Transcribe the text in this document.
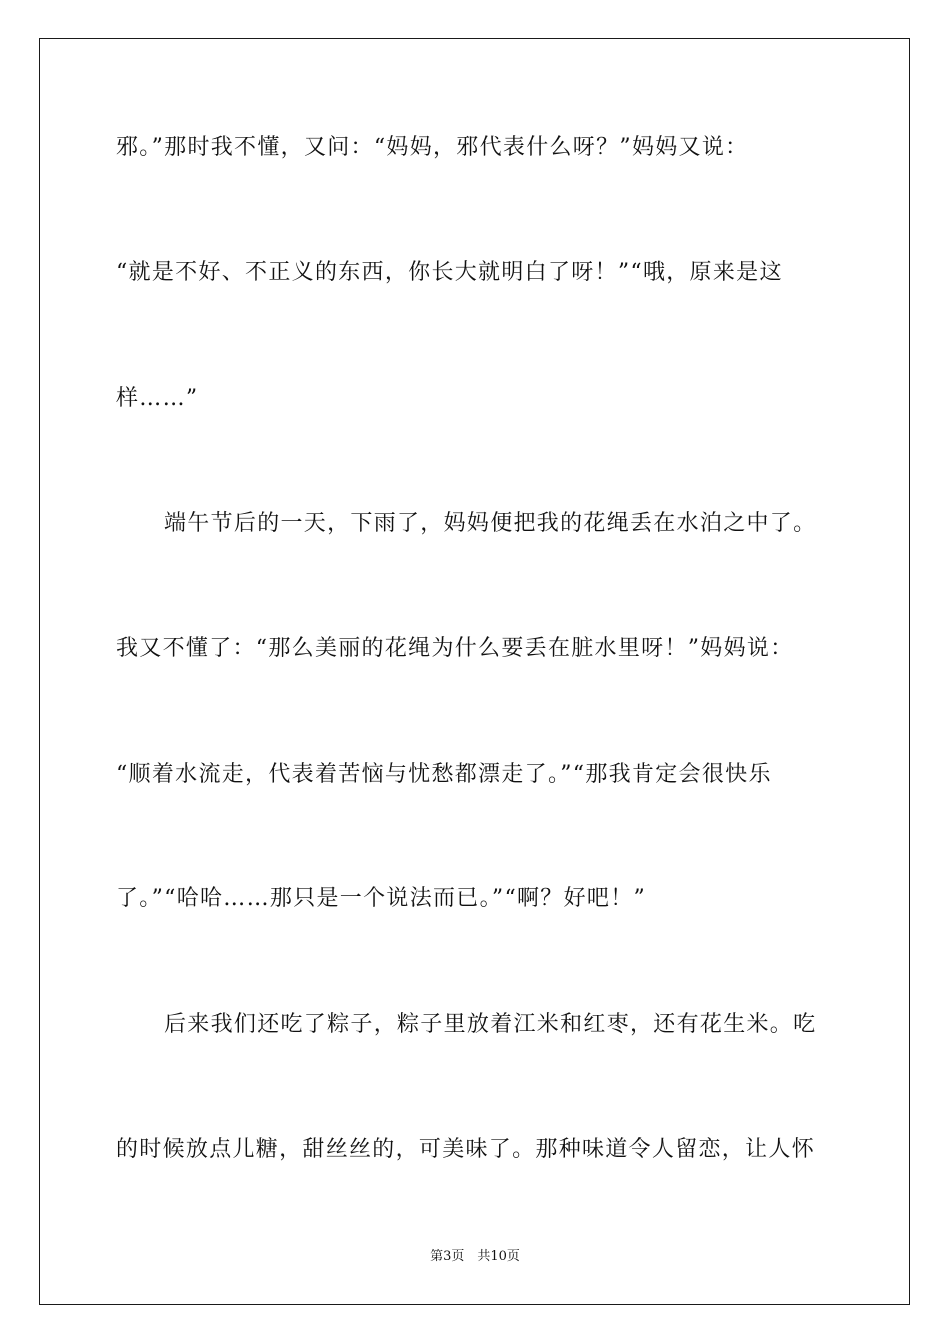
邪。”那时我不懂，又问：“妈妈，邪代表什么呀？”妈妈又说：
“就是不好、不正义的东西，你长大就明白了呀！”“哦，原来是这
样……”
端午节后的一天，下雨了，妈妈便把我的花绳丢在水泊之中了。
我又不懂了：“那么美丽的花绳为什么要丢在脏水里呀！”妈妈说：
“顺着水流走，代表着苦恼与忧愁都漂走了。”“那我肯定会很快乐
了。”“哈哈……那只是一个说法而已。”“啊？好吧！”
后来我们还吃了粽子，粽子里放着江米和红枣，还有花生米。吃
的时候放点儿糖，甜丝丝的，可美味了。那种味道令人留恋，让人怀
第3页　共10页
